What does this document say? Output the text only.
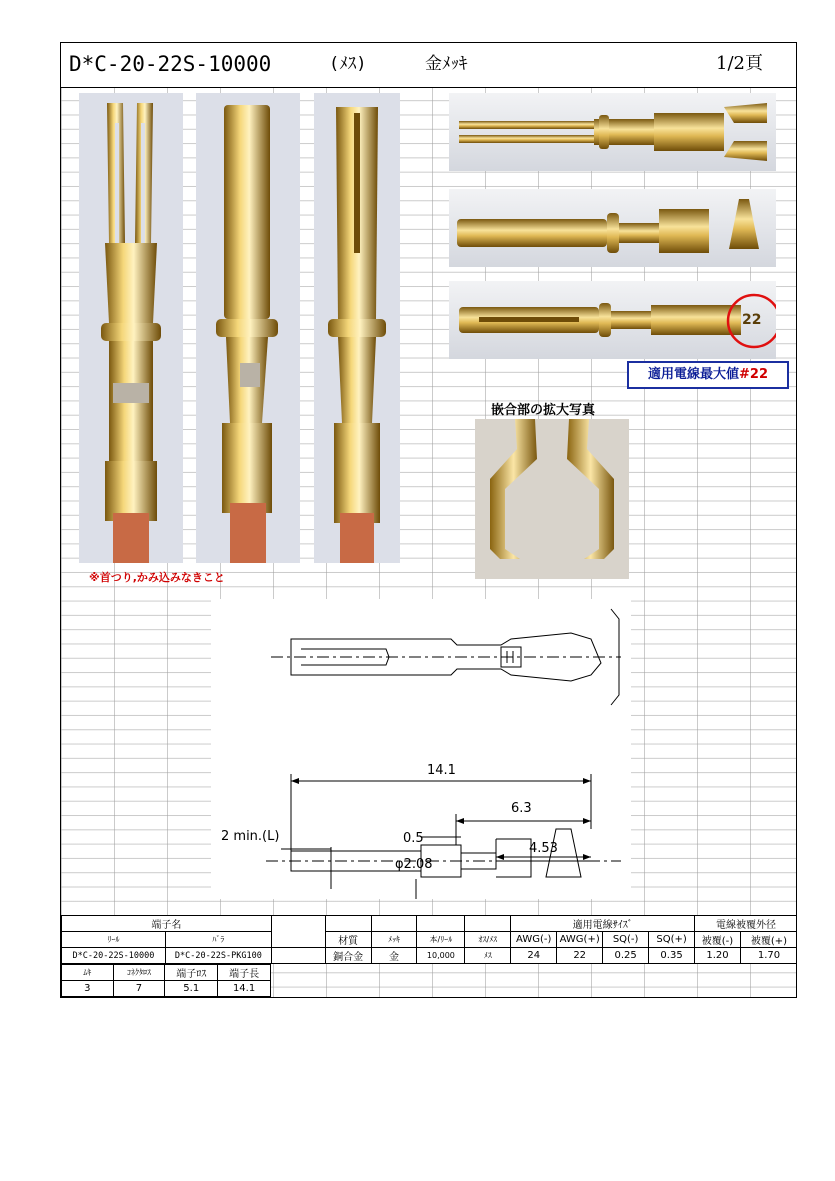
D*C-20-22S-10000	(ﾒｽ)	金ﾒｯｷ	1/2頁
※首つり,かみ込みなきこと
22
適用電線最大値#22
嵌合部の拡大写真
14.1
6.3
4.53
0.5
φ2.08
2 min.(L)
端子名							適用電線ｻｲｽﾞ				電線被覆外径	
ﾘｰﾙ	ﾊﾞﾗ		材質	ﾒｯｷ	本/ﾘｰﾙ	ｵｽ/ﾒｽ	AWG(-)	AWG(+)	SQ(-)	SQ(+)	被覆(-)	被覆(+)
D*C-20-22S-10000	D*C-20-22S-PKG100		銅合金	金	10,000	ﾒｽ	24	22	0.25	0.35	1.20	1.70
ﾑｷ	ｺﾈｸﾀﾛｽ	端子ﾛｽ	端子長
3	7	5.1	14.1
